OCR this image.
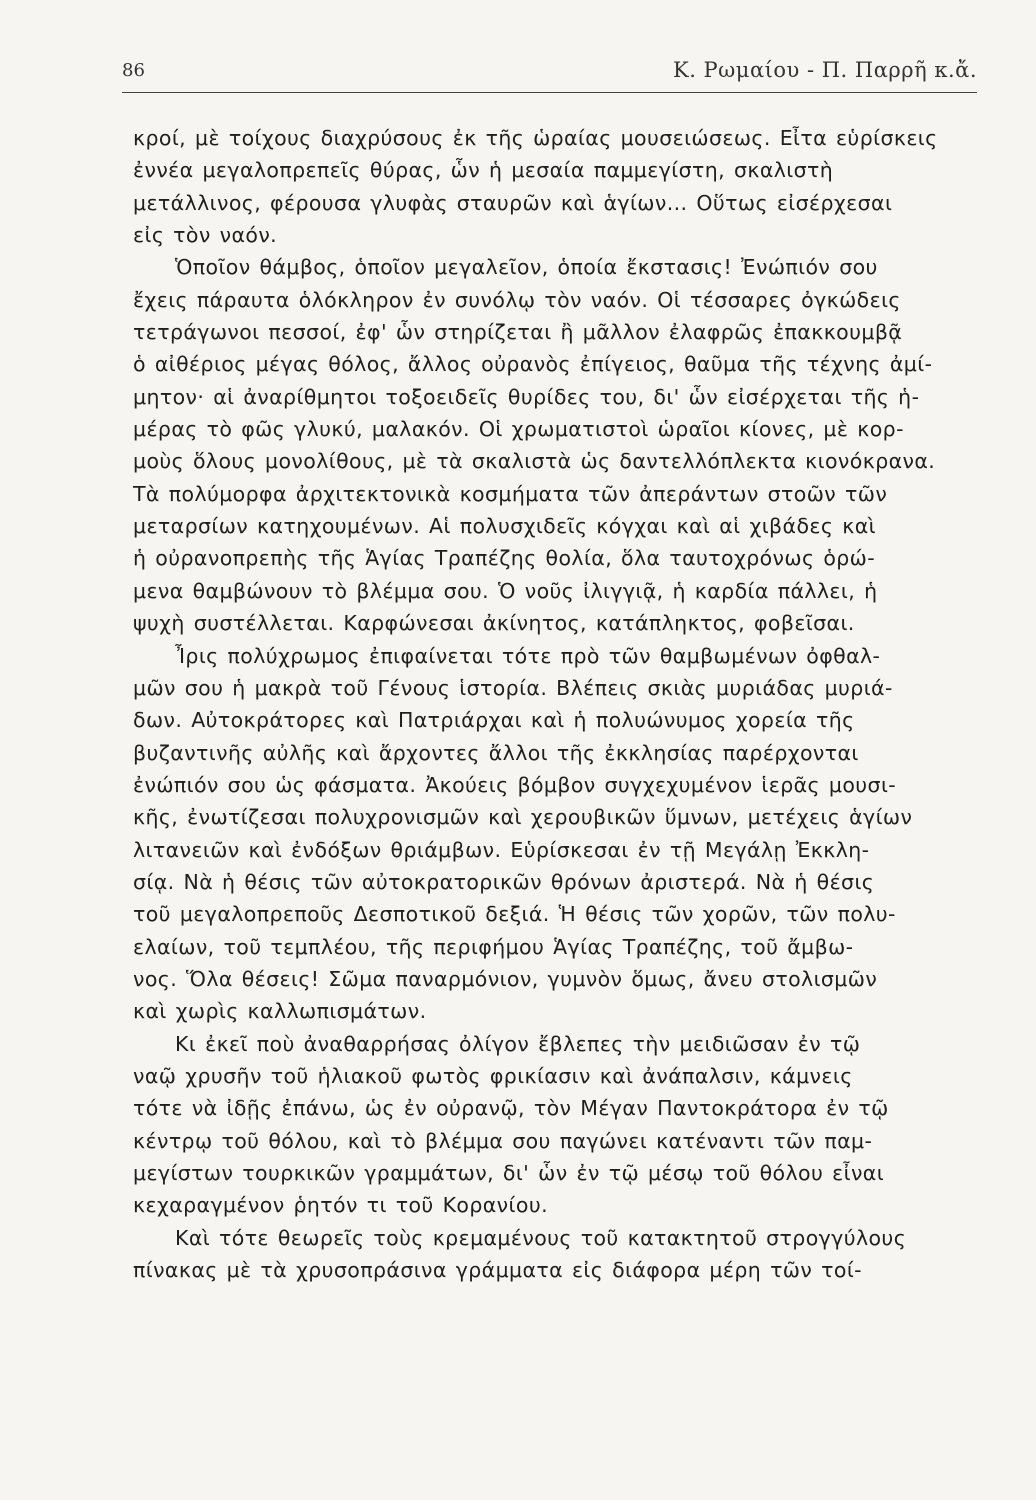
86	Κ. Ρωμαίου - Π. Παρρῆ κ.ἄ.
κροί, μὲ τοίχους διαχρύσους ἐκ τῆς ὡραίας μουσειώσεως. Εἶτα εὑρίσκεις
ἐννέα μεγαλοπρεπεῖς θύρας, ὧν ἡ μεσαία παμμεγίστη, σκαλιστὴ
μετάλλινος, φέρουσα γλυφὰς σταυρῶν καὶ ἁγίων... Οὕτως εἰσέρχεσαι
εἰς τὸν ναόν.
Ὁποῖον θάμβος, ὁποῖον μεγαλεῖον, ὁποία ἔκστασις! Ἐνώπιόν σου
ἔχεις πάραυτα ὁλόκληρον ἐν συνόλῳ τὸν ναόν. Οἱ τέσσαρες ὀγκώδεις
τετράγωνοι πεσσοί, ἐφ' ὧν στηρίζεται ἢ μᾶλλον ἐλαφρῶς ἐπακκουμβᾷ
ὁ αἰθέριος μέγας θόλος, ἄλλος οὐρανὸς ἐπίγειος, θαῦμα τῆς τέχνης ἀμί-
μητον· αἱ ἀναρίθμητοι τοξοειδεῖς θυρίδες του, δι' ὧν εἰσέρχεται τῆς ἡ-
μέρας τὸ φῶς γλυκύ, μαλακόν. Οἱ χρωματιστοὶ ὡραῖοι κίονες, μὲ κορ-
μοὺς ὅλους μονολίθους, μὲ τὰ σκαλιστὰ ὡς δαντελλόπλεκτα κιονόκρανα.
Τὰ πολύμορφα ἀρχιτεκτονικὰ κοσμήματα τῶν ἀπεράντων στοῶν τῶν
μεταρσίων κατηχουμένων. Αἱ πολυσχιδεῖς κόγχαι καὶ αἱ χιβάδες καὶ
ἡ οὐρανοπρεπὴς τῆς Ἁγίας Τραπέζης θολία, ὅλα ταυτοχρόνως ὁρώ-
μενα θαμβώνουν τὸ βλέμμα σου. Ὁ νοῦς ἰλιγγιᾷ, ἡ καρδία πάλλει, ἡ
ψυχὴ συστέλλεται. Καρφώνεσαι ἀκίνητος, κατάπληκτος, φοβεῖσαι.
Ἶρις πολύχρωμος ἐπιφαίνεται τότε πρὸ τῶν θαμβωμένων ὀφθαλ-
μῶν σου ἡ μακρὰ τοῦ Γένους ἱστορία. Βλέπεις σκιὰς μυριάδας μυριά-
δων. Αὐτοκράτορες καὶ Πατριάρχαι καὶ ἡ πολυώνυμος χορεία τῆς
βυζαντινῆς αὐλῆς καὶ ἄρχοντες ἄλλοι τῆς ἐκκλησίας παρέρχονται
ἐνώπιόν σου ὡς φάσματα. Ἀκούεις βόμβον συγχεχυμένον ἱερᾶς μουσι-
κῆς, ἐνωτίζεσαι πολυχρονισμῶν καὶ χερουβικῶν ὕμνων, μετέχεις ἁγίων
λιτανειῶν καὶ ἐνδόξων θριάμβων. Εὑρίσκεσαι ἐν τῇ Μεγάλῃ Ἐκκλη-
σίᾳ. Νὰ ἡ θέσις τῶν αὐτοκρατορικῶν θρόνων ἀριστερά. Νὰ ἡ θέσις
τοῦ μεγαλοπρεποῦς Δεσποτικοῦ δεξιά. Ἡ θέσις τῶν χορῶν, τῶν πολυ-
ελαίων, τοῦ τεμπλέου, τῆς περιφήμου Ἁγίας Τραπέζης, τοῦ ἄμβω-
νος. Ὅλα θέσεις! Σῶμα παναρμόνιον, γυμνὸν ὅμως, ἄνευ στολισμῶν
καὶ χωρὶς καλλωπισμάτων.
Κι ἐκεῖ ποὺ ἀναθαρρήσας ὀλίγον ἔβλεπες τὴν μειδιῶσαν ἐν τῷ
ναῷ χρυσῆν τοῦ ἡλιακοῦ φωτὸς φρικίασιν καὶ ἀνάπαλσιν, κάμνεις
τότε νὰ ἰδῇς ἐπάνω, ὡς ἐν οὐρανῷ, τὸν Μέγαν Παντοκράτορα ἐν τῷ
κέντρῳ τοῦ θόλου, καὶ τὸ βλέμμα σου παγώνει κατέναντι τῶν παμ-
μεγίστων τουρκικῶν γραμμάτων, δι' ὧν ἐν τῷ μέσῳ τοῦ θόλου εἶναι
κεχαραγμένον ῥητόν τι τοῦ Κορανίου.
Καὶ τότε θεωρεῖς τοὺς κρεμαμένους τοῦ κατακτητοῦ στρογγύλους
πίνακας μὲ τὰ χρυσοπράσινα γράμματα εἰς διάφορα μέρη τῶν τοί-
